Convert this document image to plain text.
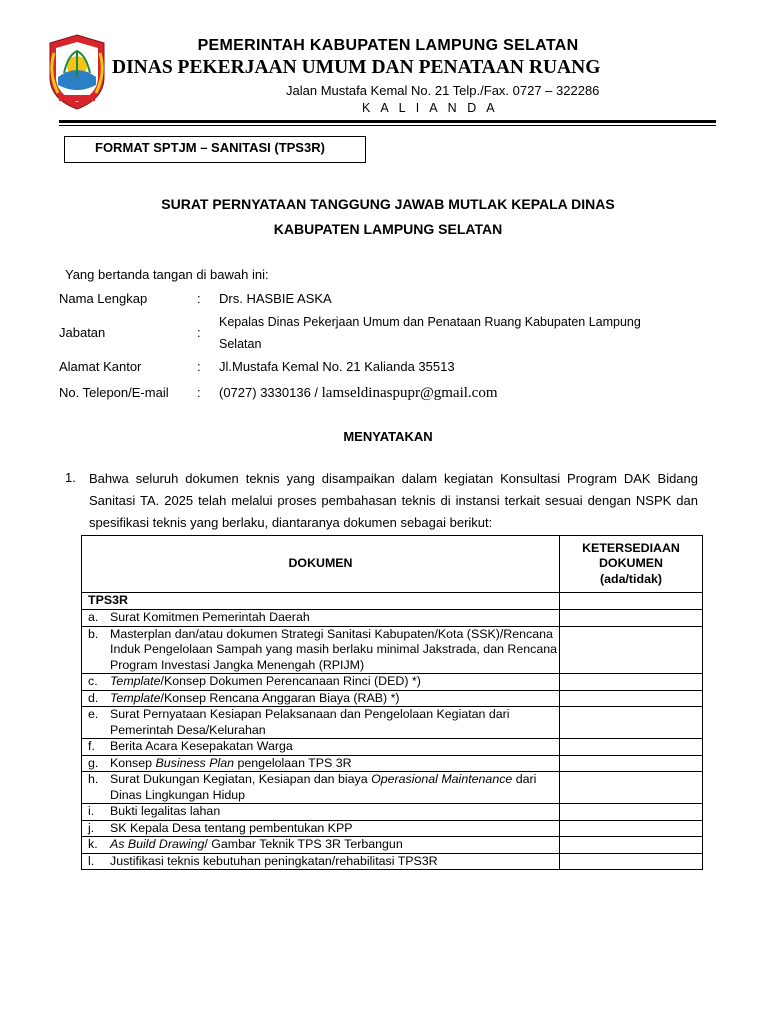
PEMERINTAH KABUPATEN LAMPUNG SELATAN
DINAS PEKERJAAN UMUM DAN PENATAAN RUANG
Jalan Mustafa Kemal No. 21 Telp./Fax. 0727 – 322286
K A L I A N D A
FORMAT SPTJM – SANITASI (TPS3R)
SURAT PERNYATAAN TANGGUNG JAWAB MUTLAK KEPALA DINAS
KABUPATEN LAMPUNG SELATAN
Yang bertanda tangan di bawah ini:
Nama Lengkap	: Drs. HASBIE ASKA
Jabatan	:
Kepalas Dinas Pekerjaan Umum dan Penataan Ruang Kabupaten Lampung Selatan
Alamat Kantor	: Jl.Mustafa Kemal No. 21 Kalianda 35513
No. Telepon/E-mail : (0727) 3330136 / lamseldinaspupr@gmail.com
MENYATAKAN
1. Bahwa seluruh dokumen teknis yang disampaikan dalam kegiatan Konsultasi Program DAK Bidang Sanitasi TA. 2025 telah melalui proses pembahasan teknis di instansi terkait sesuai dengan NSPK dan spesifikasi teknis yang berlaku, diantaranya dokumen sebagai berikut:
DOKUMEN	KETERSEDIAAN
DOKUMEN
(ada/tidak)

TPS3R	

a. Surat Komitmen Pemerintah Daerah	

b. Masterplan dan/atau dokumen Strategi Sanitasi Kabupaten/Kota (SSK)/Rencana Induk Pengelolaan Sampah yang masih berlaku minimal Jakstrada, dan Rencana Program Investasi Jangka Menengah (RPIJM)	

c. Template/Konsep Dokumen Perencanaan Rinci (DED) *)	

d. Template/Konsep Rencana Anggaran Biaya (RAB) *)	

e. Surat Pernyataan Kesiapan Pelaksanaan dan Pengelolaan Kegiatan dari Pemerintah Desa/Kelurahan	

f. Berita Acara Kesepakatan Warga	

g. Konsep Business Plan pengelolaan TPS 3R	

h. Surat Dukungan Kegiatan, Kesiapan dan biaya Operasional Maintenance dari Dinas Lingkungan Hidup	

i. Bukti legalitas lahan	

j. SK Kepala Desa tentang pembentukan KPP	

k. As Build Drawing/ Gambar Teknik TPS 3R Terbangun	

l. Justifikasi teknis kebutuhan peningkatan/rehabilitasi TPS3R	
